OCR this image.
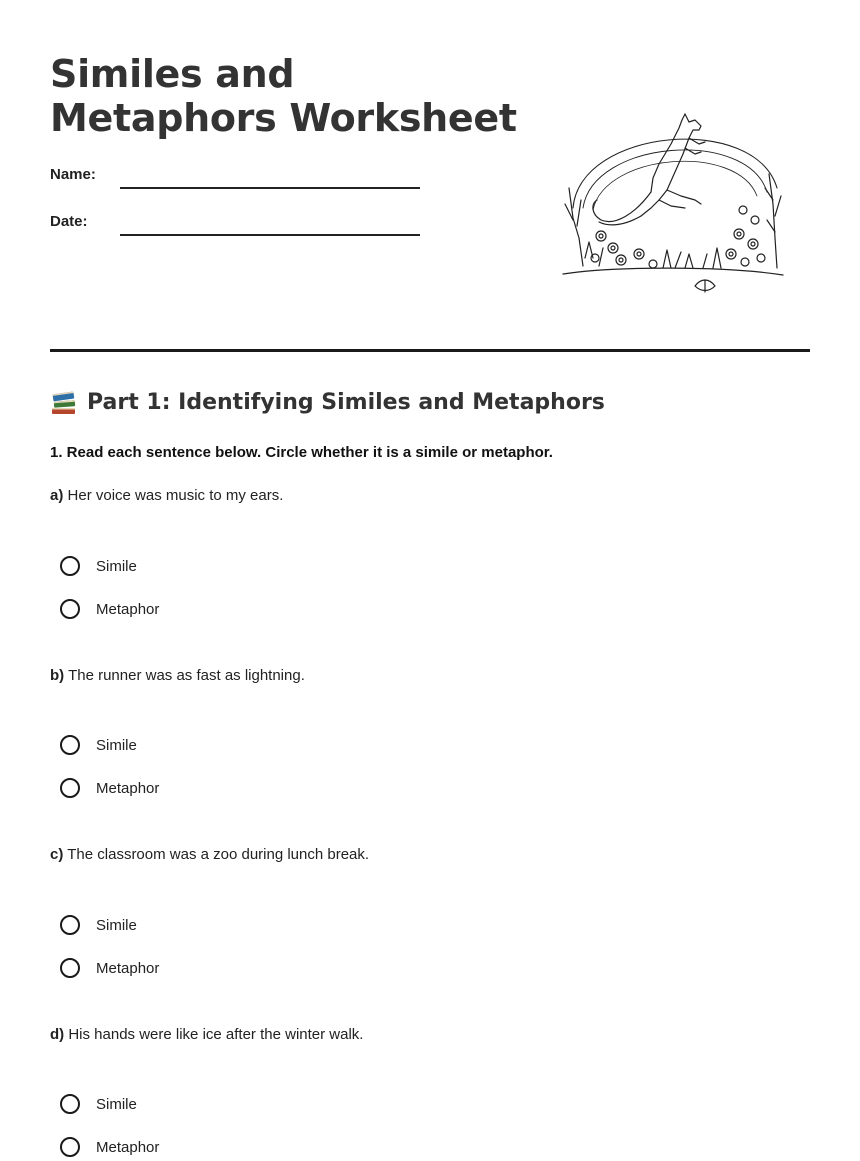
Similes and Metaphors Worksheet
Name:
Date:
Part 1: Identifying Similes and Metaphors
1. Read each sentence below. Circle whether it is a simile or metaphor.
a) Her voice was music to my ears.
Simile
Metaphor
b) The runner was as fast as lightning.
Simile
Metaphor
c) The classroom was a zoo during lunch break.
Simile
Metaphor
d) His hands were like ice after the winter walk.
Simile
Metaphor
